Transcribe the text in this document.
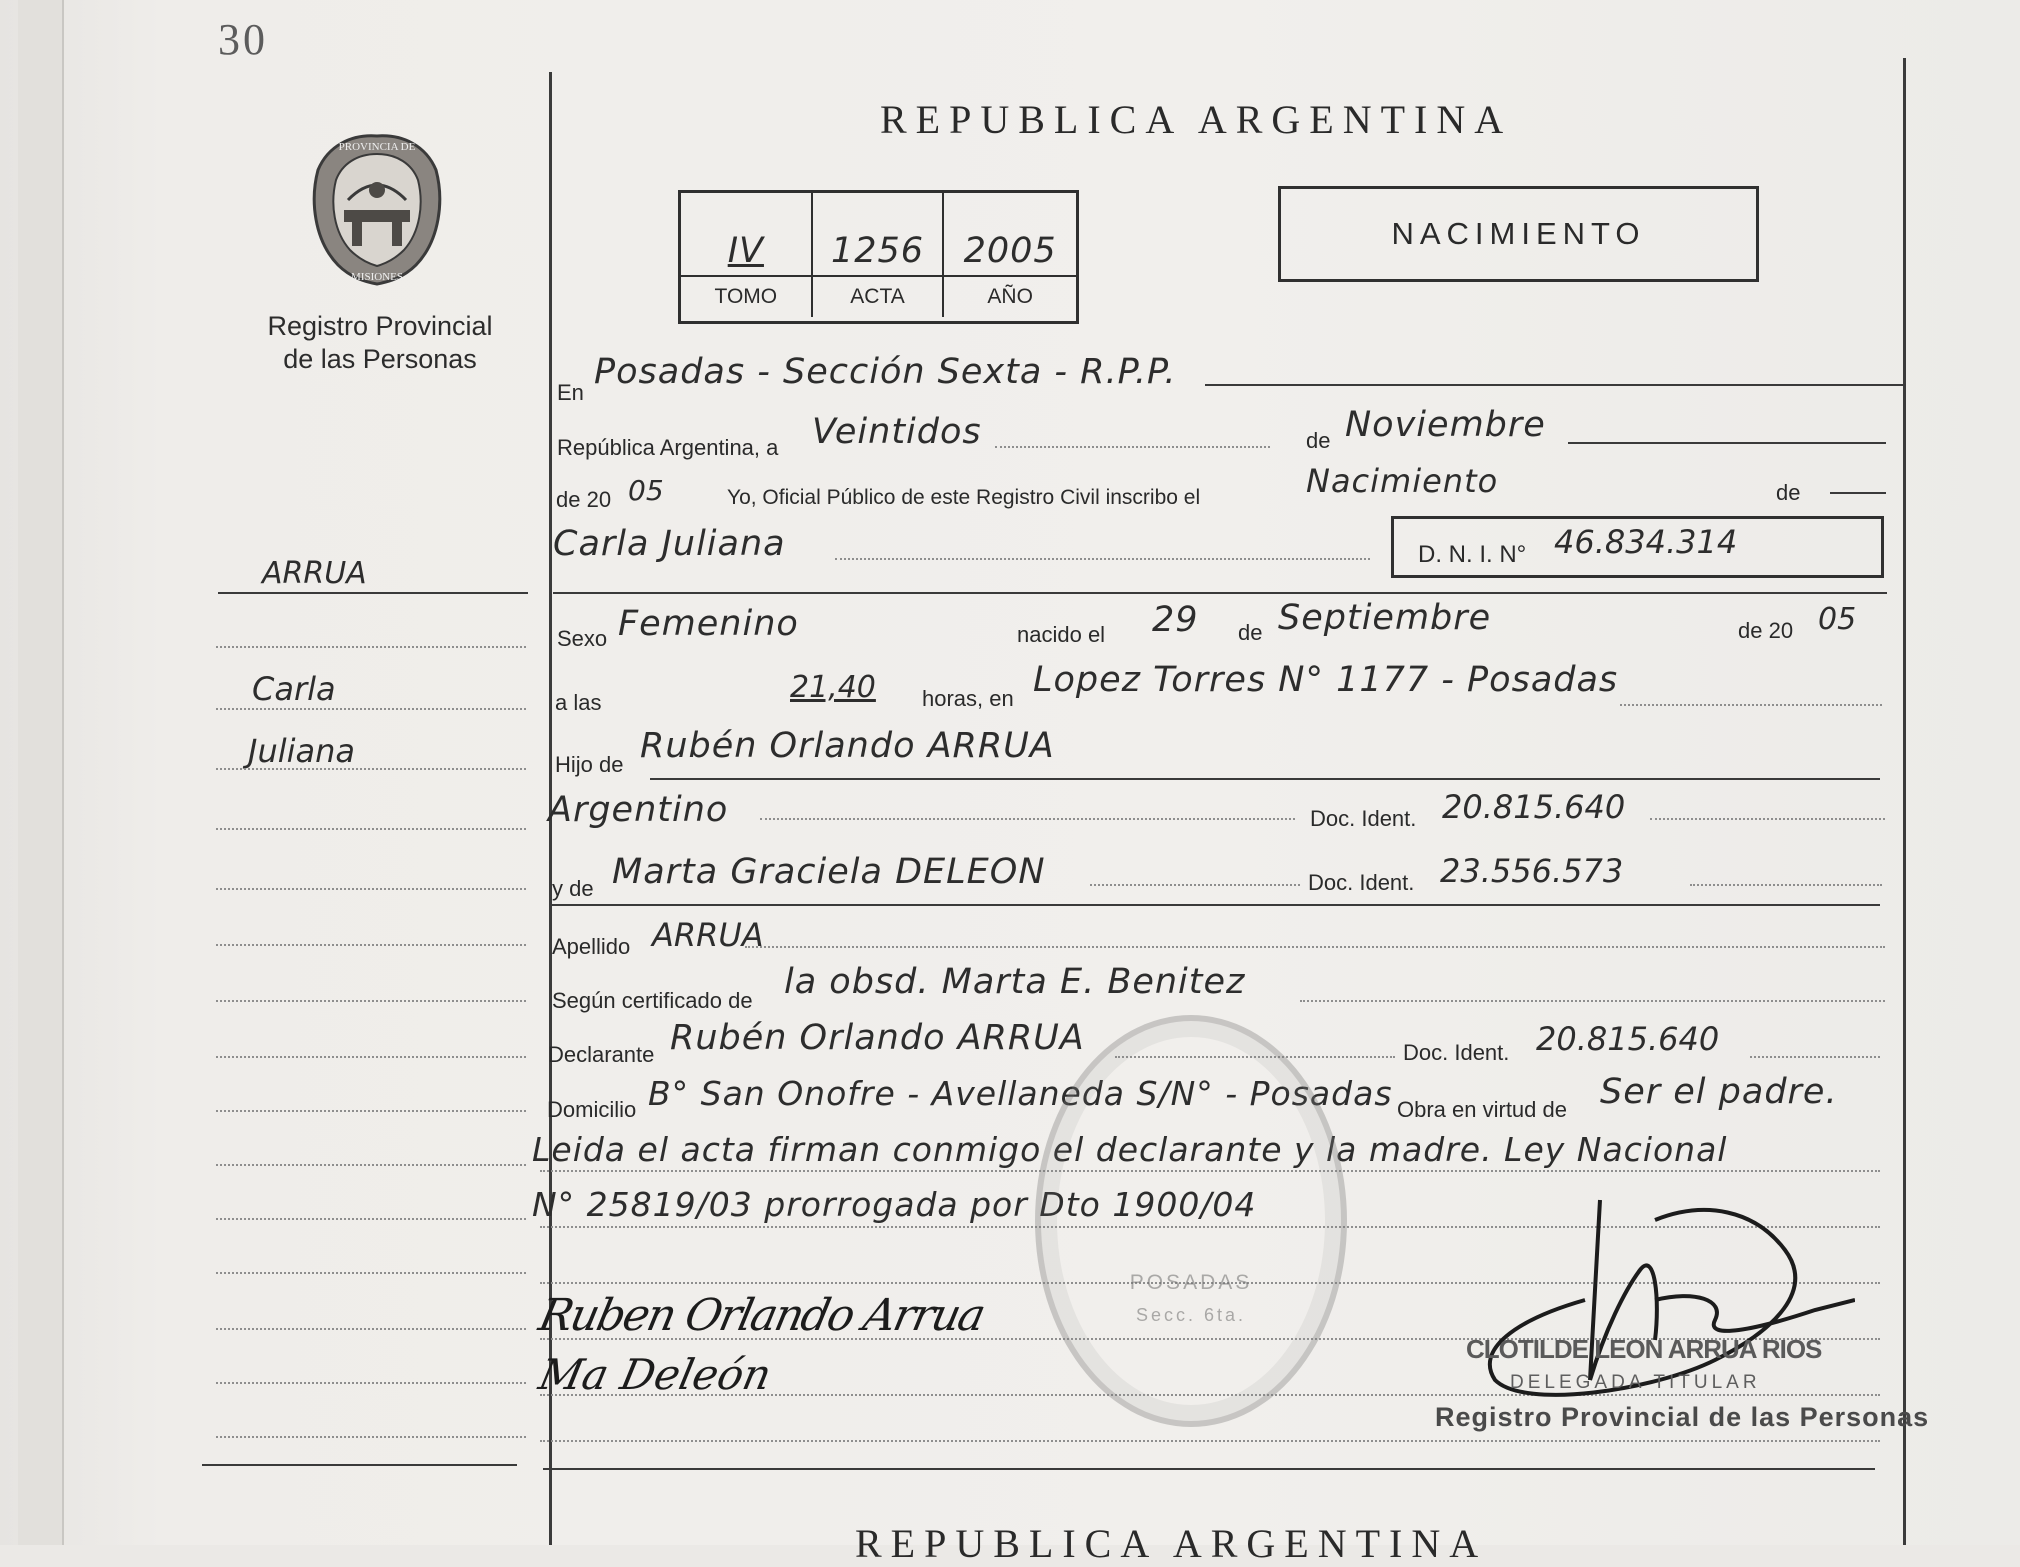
30
REPUBLICA ARGENTINA
IV 1256 2005
TOMO	ACTA	AÑO
NACIMIENTO
PROVINCIA DE
MISIONES
Registro Provincial
de las Personas
ARRUA
Carla
Juliana
En
Posadas - Sección Sexta - R.P.P.
República Argentina, a Veintidos	de Noviembre
de 20 05	Yo, Oficial Público de este Registro Civil inscribo el	Nacimiento	de
Carla Juliana	D. N. I. N° 46.834.314
Sexo Femenino	nacido el 29 de Septiembre	de 20 05
a las	21,40 horas, en Lopez Torres N° 1177 - Posadas
Hijo de Rubén Orlando ARRUA
Argentino	Doc. Ident. 20.815.640
y de Marta Graciela DELEON	Doc. Ident. 23.556.573
Apellido ARRUA
Según certificado de la obsd. Marta E. Benitez
Declarante Rubén Orlando ARRUA	Doc. Ident. 20.815.640
Domicilio B° San Onofre - Avellaneda S/N° - Posadas Obra en virtud de Ser el padre.
Leida el acta firman conmigo el declarante y la madre. Ley Nacional
N° 25819/03 prorrogada por Dto 1900/04
POSADAS
Secc. 6ta.
Ruben Orlando Arrua
Ma Deleón
CLOTILDE LEON ARRUA RIOS
DELEGADA TITULAR
Registro Provincial de las Personas
REPUBLICA ARGENTINA
